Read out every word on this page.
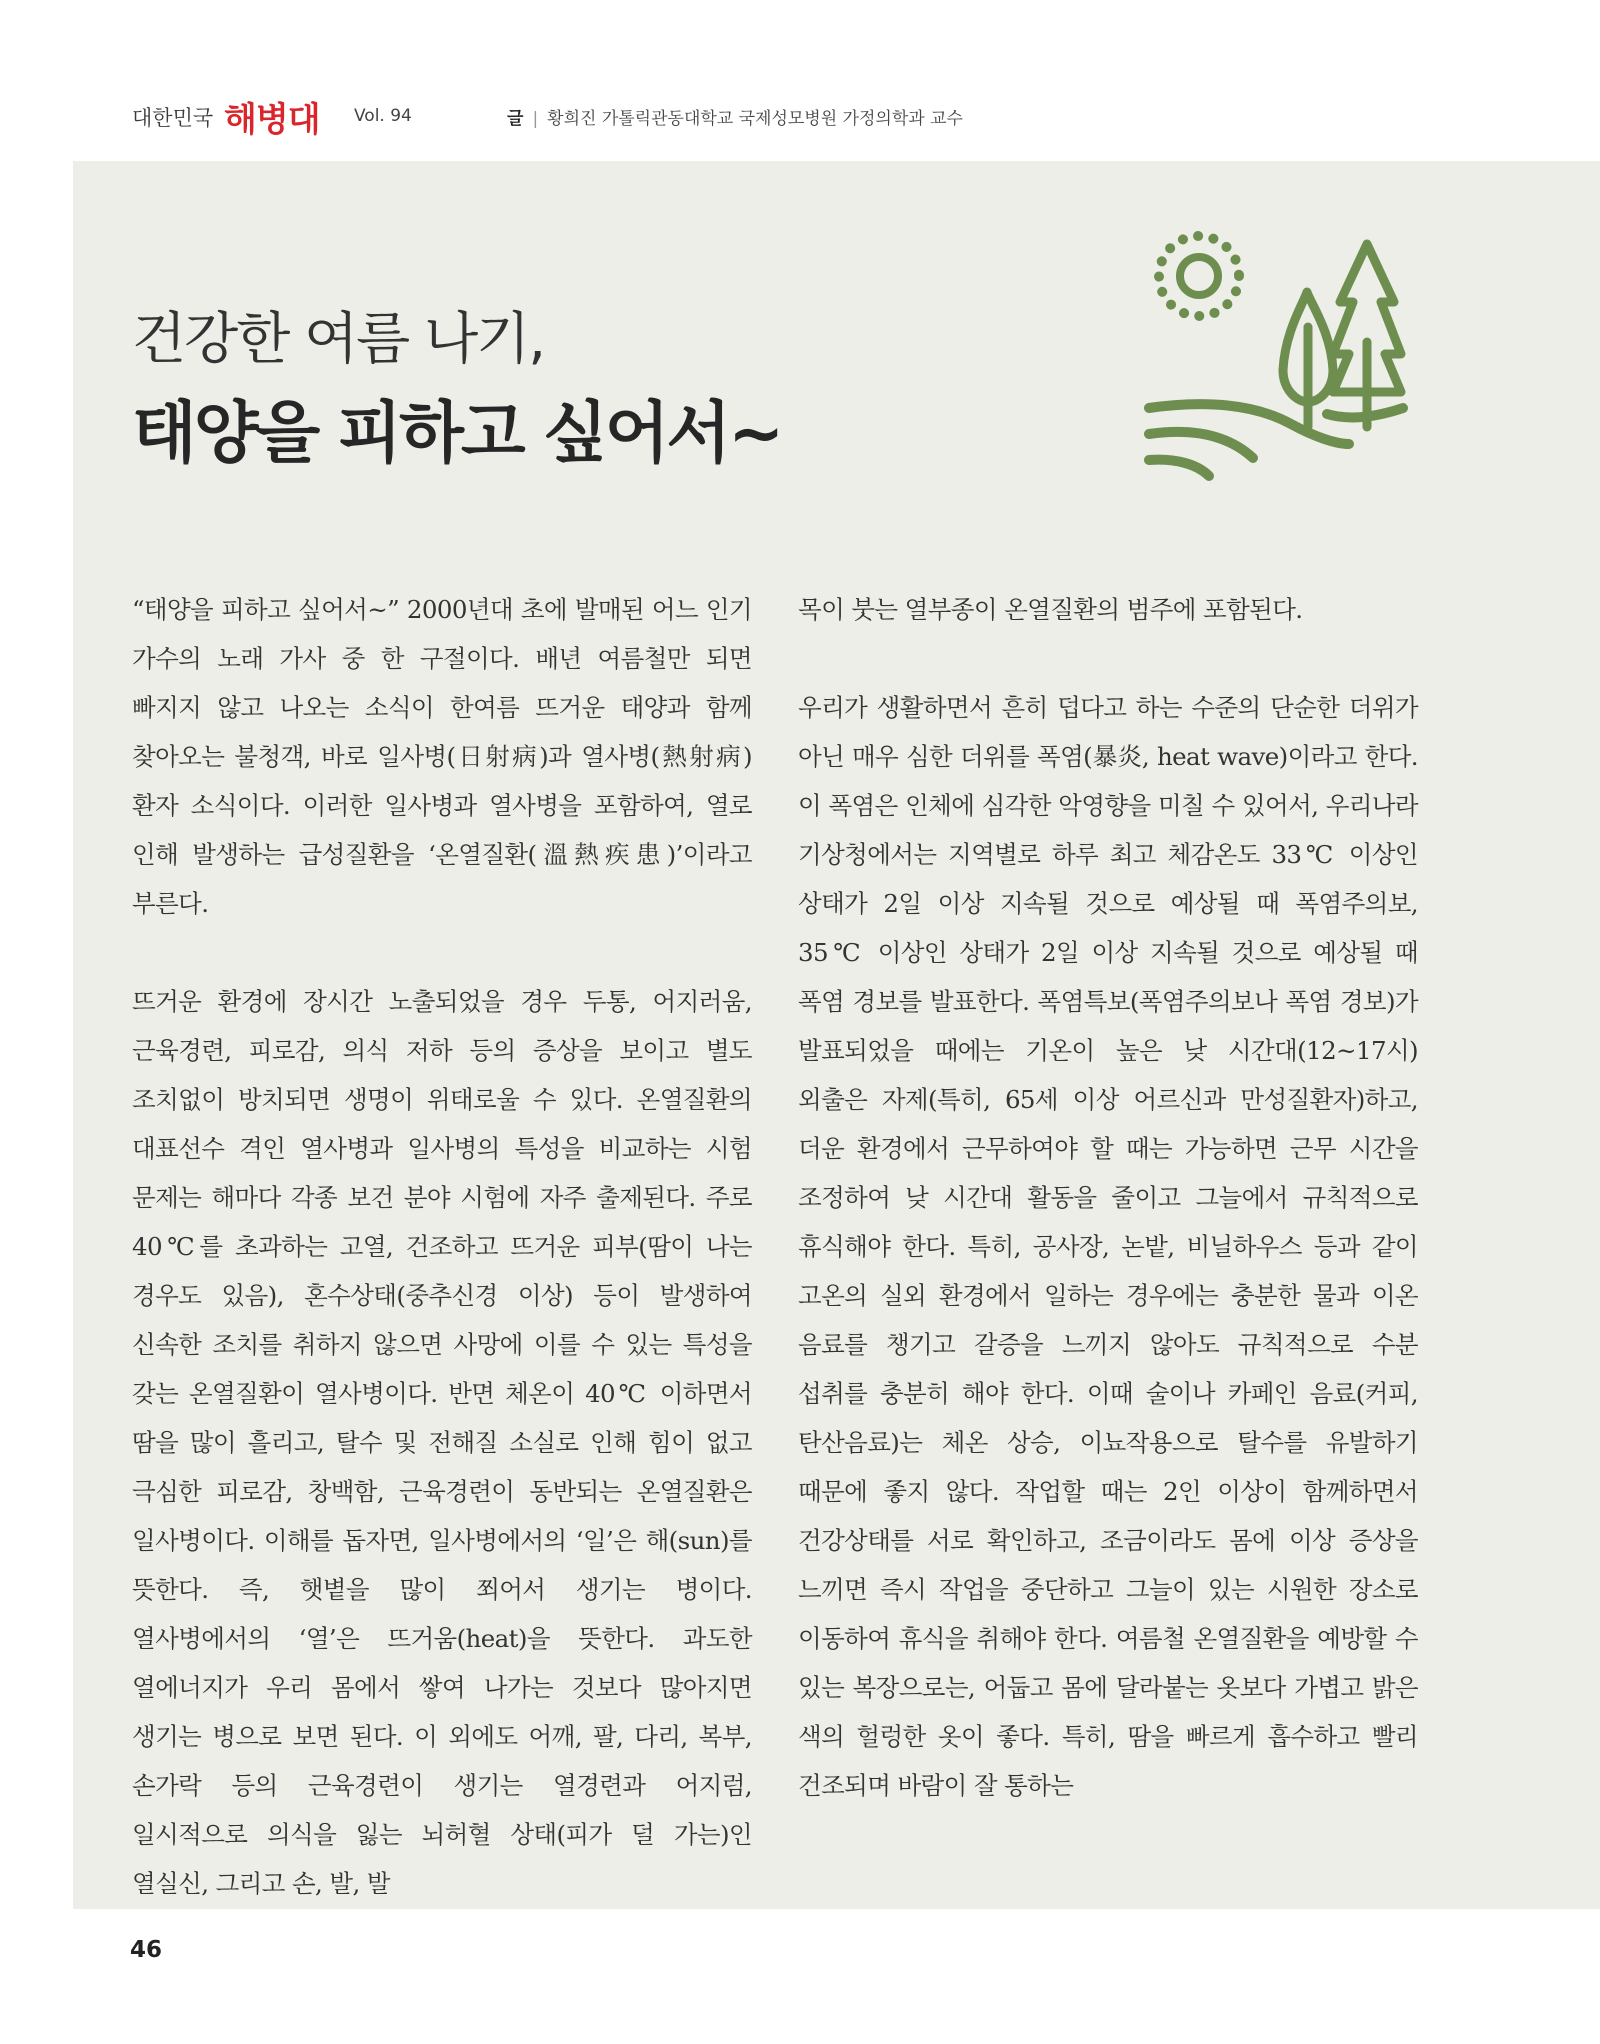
대한민국 해병대 Vol. 94	글 | 황희진 가톨릭관동대학교 국제성모병원 가정의학과 교수
건강한 여름 나기,
태양을 피하고 싶어서~

“태양을 피하고 싶어서~” 2000년대 초에 발매된 어느 인기 가수의 노래 가사 중 한 구절이다. 배년 여름철만 되면 빠지지 않고 나오는 소식이 한여름 뜨거운 태양과 함께 찾아오는 불청객, 바로 일사병(日射病)과 열사병(熱射病) 환자 소식이다. 이러한 일사병과 열사병을 포함하여, 열로 인해 발생하는 급성질환을 ‘온열질환(溫熱疾患)’이라고 부른다.

뜨거운 환경에 장시간 노출되었을 경우 두통, 어지러움, 근육경련, 피로감, 의식 저하 등의 증상을 보이고 별도 조치없이 방치되면 생명이 위태로울 수 있다. 온열질환의 대표선수 격인 열사병과 일사병의 특성을 비교하는 시험 문제는 해마다 각종 보건 분야 시험에 자주 출제된다. 주로 40℃를 초과하는 고열, 건조하고 뜨거운 피부(땀이 나는 경우도 있음), 혼수상태(중추신경 이상) 등이 발생하여 신속한 조치를 취하지 않으면 사망에 이를 수 있는 특성을 갖는 온열질환이 열사병이다. 반면 체온이 40℃ 이하면서 땀을 많이 흘리고, 탈수 및 전해질 소실로 인해 힘이 없고 극심한 피로감, 창백함, 근육경련이 동반되는 온열질환은 일사병이다. 이해를 돕자면, 일사병에서의 ‘일’은 해(sun)를 뜻한다. 즉, 햇볕을 많이 쬐어서 생기는 병이다. 열사병에서의 ‘열’은 뜨거움(heat)을 뜻한다. 과도한 열에너지가 우리 몸에서 쌓여 나가는 것보다 많아지면 생기는 병으로 보면 된다. 이 외에도 어깨, 팔, 다리, 복부, 손가락 등의 근육경련이 생기는 열경련과 어지럼, 일시적으로 의식을 잃는 뇌허혈 상태(피가 덜 가는)인 열실신, 그리고 손, 발, 발

목이 붓는 열부종이 온열질환의 범주에 포함된다.

우리가 생활하면서 흔히 덥다고 하는 수준의 단순한 더위가 아닌 매우 심한 더위를 폭염(暴炎, heat wave)이라고 한다. 이 폭염은 인체에 심각한 악영향을 미칠 수 있어서, 우리나라 기상청에서는 지역별로 하루 최고 체감온도 33℃ 이상인 상태가 2일 이상 지속될 것으로 예상될 때 폭염주의보, 35℃ 이상인 상태가 2일 이상 지속될 것으로 예상될 때 폭염 경보를 발표한다. 폭염특보(폭염주의보나 폭염 경보)가 발표되었을 때에는 기온이 높은 낮 시간대(12~17시) 외출은 자제(특히, 65세 이상 어르신과 만성질환자)하고, 더운 환경에서 근무하여야 할 때는 가능하면 근무 시간을 조정하여 낮 시간대 활동을 줄이고 그늘에서 규칙적으로 휴식해야 한다. 특히, 공사장, 논밭, 비닐하우스 등과 같이 고온의 실외 환경에서 일하는 경우에는 충분한 물과 이온 음료를 챙기고 갈증을 느끼지 않아도 규칙적으로 수분 섭취를 충분히 해야 한다. 이때 술이나 카페인 음료(커피, 탄산음료)는 체온 상승, 이뇨작용으로 탈수를 유발하기 때문에 좋지 않다. 작업할 때는 2인 이상이 함께하면서 건강상태를 서로 확인하고, 조금이라도 몸에 이상 증상을 느끼면 즉시 작업을 중단하고 그늘이 있는 시원한 장소로 이동하여 휴식을 취해야 한다. 여름철 온열질환을 예방할 수 있는 복장으로는, 어둡고 몸에 달라붙는 옷보다 가볍고 밝은 색의 헐렁한 옷이 좋다. 특히, 땀을 빠르게 흡수하고 빨리 건조되며 바람이 잘 통하는

46
